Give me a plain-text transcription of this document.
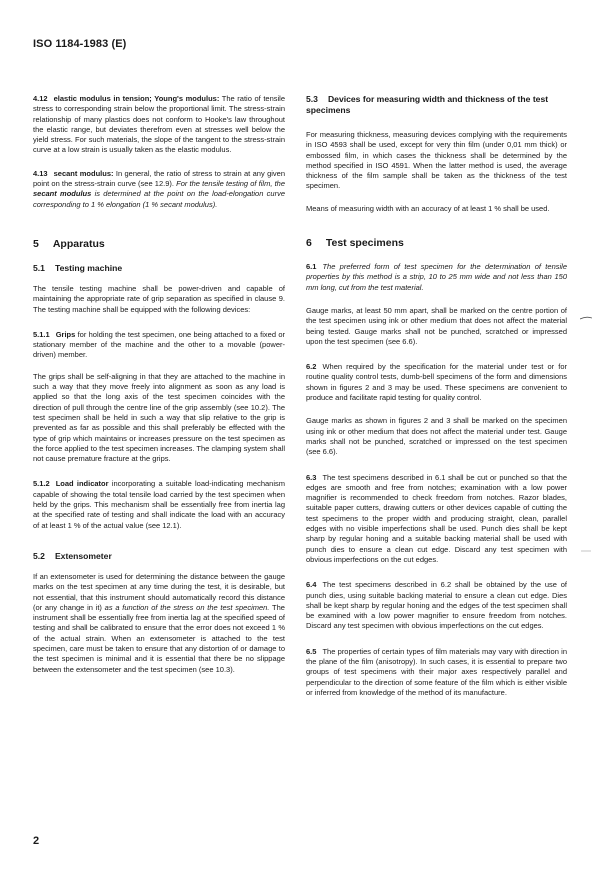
ISO 1184-1983 (E)

4.12 elastic modulus in tension; Young's modulus: The ratio of tensile stress to corresponding strain below the proportional limit. The stress-strain relationship of many plastics does not conform to Hooke's law throughout the elastic range, but deviates therefrom even at stresses well below the yield stress. For such materials, the slope of the tangent to the stress-strain curve at a low strain is usually taken as the elastic modulus.

4.13 secant modulus: In general, the ratio of stress to strain at any given point on the stress-strain curve (see 12.9). For the tensile testing of film, the secant modulus is determined at the point on the load-elongation curve corresponding to 1 % elongation (1 % secant modulus).

5 Apparatus
5.1 Testing machine

The tensile testing machine shall be power-driven and capable of maintaining the appropriate rate of grip separation as specified in clause 9. The testing machine shall be equipped with the following devices:

5.1.1 Grips for holding the test specimen, one being attached to a fixed or stationary member of the machine and the other to a movable (power-driven) member.

The grips shall be self-aligning in that they are attached to the machine in such a way that they move freely into alignment as soon as any load is applied so that the long axis of the test specimen coincides with the direction of pull through the centre line of the grip assembly (see 10.2). The test specimen shall be held in such a way that slip relative to the grip is prevented as far as possible and this shall preferably be effected with the type of grip which maintains or increases pressure on the test specimen as the force applied to the test specimen increases. The clamping system shall not cause premature fracture at the grips.

5.1.2 Load indicator incorporating a suitable load-indicating mechanism capable of showing the total tensile load carried by the test specimen when held by the grips. This mechanism shall be essentially free from inertia lag at the specified rate of testing and shall indicate the load with an accuracy of at least 1 % of the actual value (see 12.1).

5.2 Extensometer

If an extensometer is used for determining the distance between the gauge marks on the test specimen at any time during the test, it is desirable, but not essential, that this instrument should automatically record this distance (or any change in it) as a function of the stress on the test specimen. The instrument shall be essentially free from inertia lag at the specified speed of testing and shall be calibrated to ensure that the error does not exceed 1 % of the actual strain. When an extensometer is attached to the test specimen, care must be taken to ensure that any distortion of or damage to the test specimen is minimal and it is essential that there be no slippage between the extensometer and the test specimen (see 10.3).

5.3 Devices for measuring width and thickness of the test specimens

For measuring thickness, measuring devices complying with the requirements in ISO 4593 shall be used, except for very thin film (under 0,01 mm thick) or embossed film, in which cases the thickness shall be determined by the method specified in ISO 4591. When the latter method is used, the average thickness of the film sample shall be taken as the thickness of the test specimen.

Means of measuring width with an accuracy of at least 1 % shall be used.

6 Test specimens

6.1 The preferred form of test specimen for the determination of tensile properties by this method is a strip, 10 to 25 mm wide and not less than 150 mm long, cut from the test material.

Gauge marks, at least 50 mm apart, shall be marked on the centre portion of the test specimen using ink or other medium that does not affect the material being tested. Gauge marks shall not be punched, scratched or impressed upon the test specimen (see 6.6).

6.2 When required by the specification for the material under test or for routine quality control tests, dumb-bell specimens of the form and dimensions shown in figures 2 and 3 may be used. These specimens are convenient to produce and facilitate rapid testing for quality control.

Gauge marks as shown in figures 2 and 3 shall be marked on the specimen using ink or other medium that does not affect the material under test. Gauge marks shall not be punched, scratched or impressed on the test specimen (see 6.6).

6.3 The test specimens described in 6.1 shall be cut or punched so that the edges are smooth and free from notches; examination with a low power magnifier is recommended to check freedom from notches. Razor blades, suitable paper cutters, drawing cutters or other devices capable of cutting the test specimens to the proper width and producing straight, clean, parallel edges with no visible imperfections shall be used. Punch dies shall be kept sharp by regular honing and a suitable backing material shall be used with punch dies to ensure a clean cut edge. Discard any test specimen with obvious imperfections on the cut edges.

6.4 The test specimens described in 6.2 shall be obtained by the use of punch dies, using suitable backing material to ensure a clean cut edge. Dies shall be kept sharp by regular honing and the edges of the test specimen shall be examined with a low power magnifier to ensure freedom from notches. Discard any test specimen with obvious imperfections on the cut edges.

6.5 The properties of certain types of film materials may vary with direction in the plane of the film (anisotropy). In such cases, it is essential to prepare two groups of test specimens with their major axes respectively parallel and perpendicular to the direction of some feature of the film which is either visible or inferred from knowledge of the method of its manufacture.

2
